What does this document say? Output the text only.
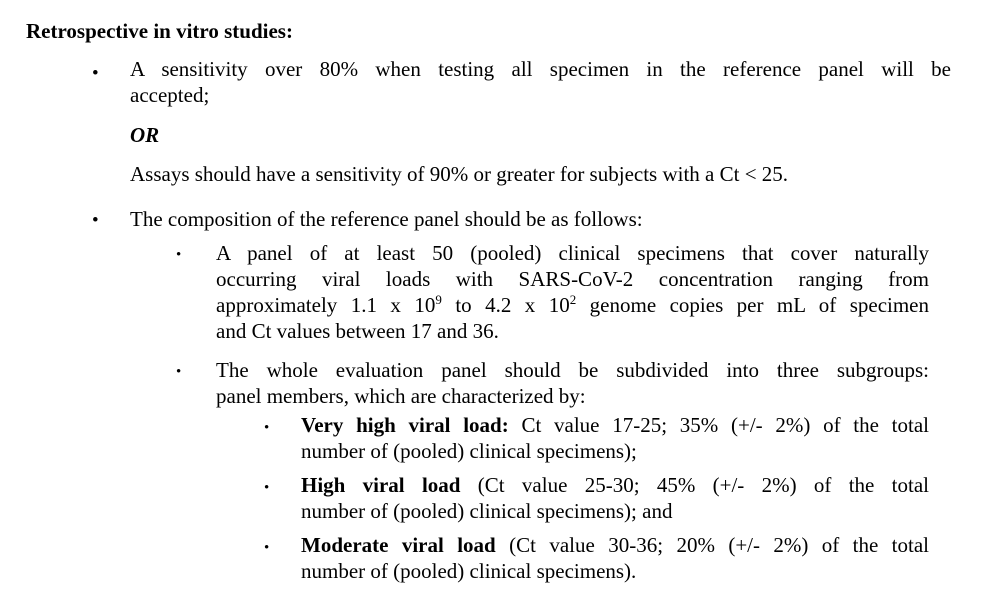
Retrospective in vitro studies:
• A sensitivity over 80% when testing all specimen in the reference panel will be
accepted;
OR
Assays should have a sensitivity of 90% or greater for subjects with a Ct < 25.
• The composition of the reference panel should be as follows:
• A panel of at least 50 (pooled) clinical specimens that cover naturally
occurring viral loads with SARS-CoV-2 concentration ranging from
approximately 1.1 x $10^9$ to 4.2 x $10^2$ genome copies per mL of specimen
and Ct values between 17 and 36.
• The whole evaluation panel should be subdivided into three subgroups:
panel members, which are characterized by:
• Very high viral load: Ct value 17-25; 35% (+/- 2%) of the total
number of (pooled) clinical specimens);
• High viral load (Ct value 25-30; 45% (+/- 2%) of the total
number of (pooled) clinical specimens); and
• Moderate viral load (Ct value 30-36; 20% (+/- 2%) of the total
number of (pooled) clinical specimens).
